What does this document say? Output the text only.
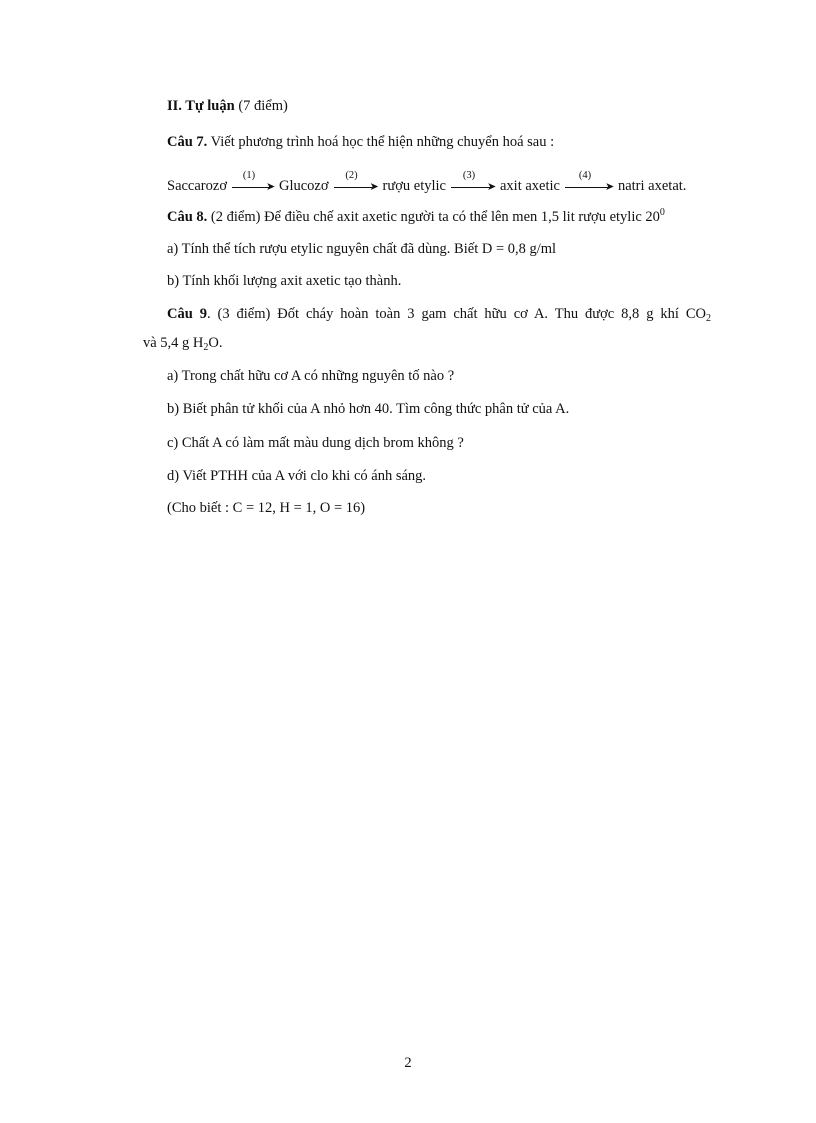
II. Tự luận (7 điểm)
Câu 7. Viết phương trình hoá học thể hiện những chuyển hoá sau :
Saccarozơ
(1)
➤ Glucozơ
(2)
➤ rượu etylic
(3)
➤ axit axetic
(4)
➤ natri axetat.
Câu 8. (2 điểm) Để điều chế axit axetic người ta có thể lên men 1,5 lit rượu etylic $20^0$
a) Tính thể tích rượu etylic nguyên chất đã dùng. Biết D = 0,8 g/ml
b) Tính khối lượng axit axetic tạo thành.
Câu 9. (3 điểm) Đốt cháy hoàn toàn 3 gam chất hữu cơ A. Thu được 8,8 g khí $CO_2$
và 5,4 g $H_2O$.
a) Trong chất hữu cơ A có những nguyên tố nào ?
b) Biết phân tử khối của A nhỏ hơn 40. Tìm công thức phân tử của A.
c) Chất A có làm mất màu dung dịch brom không ?
d) Viết PTHH của A với clo khi có ánh sáng.
(Cho biết : C = 12, H = 1, O = 16)
2
